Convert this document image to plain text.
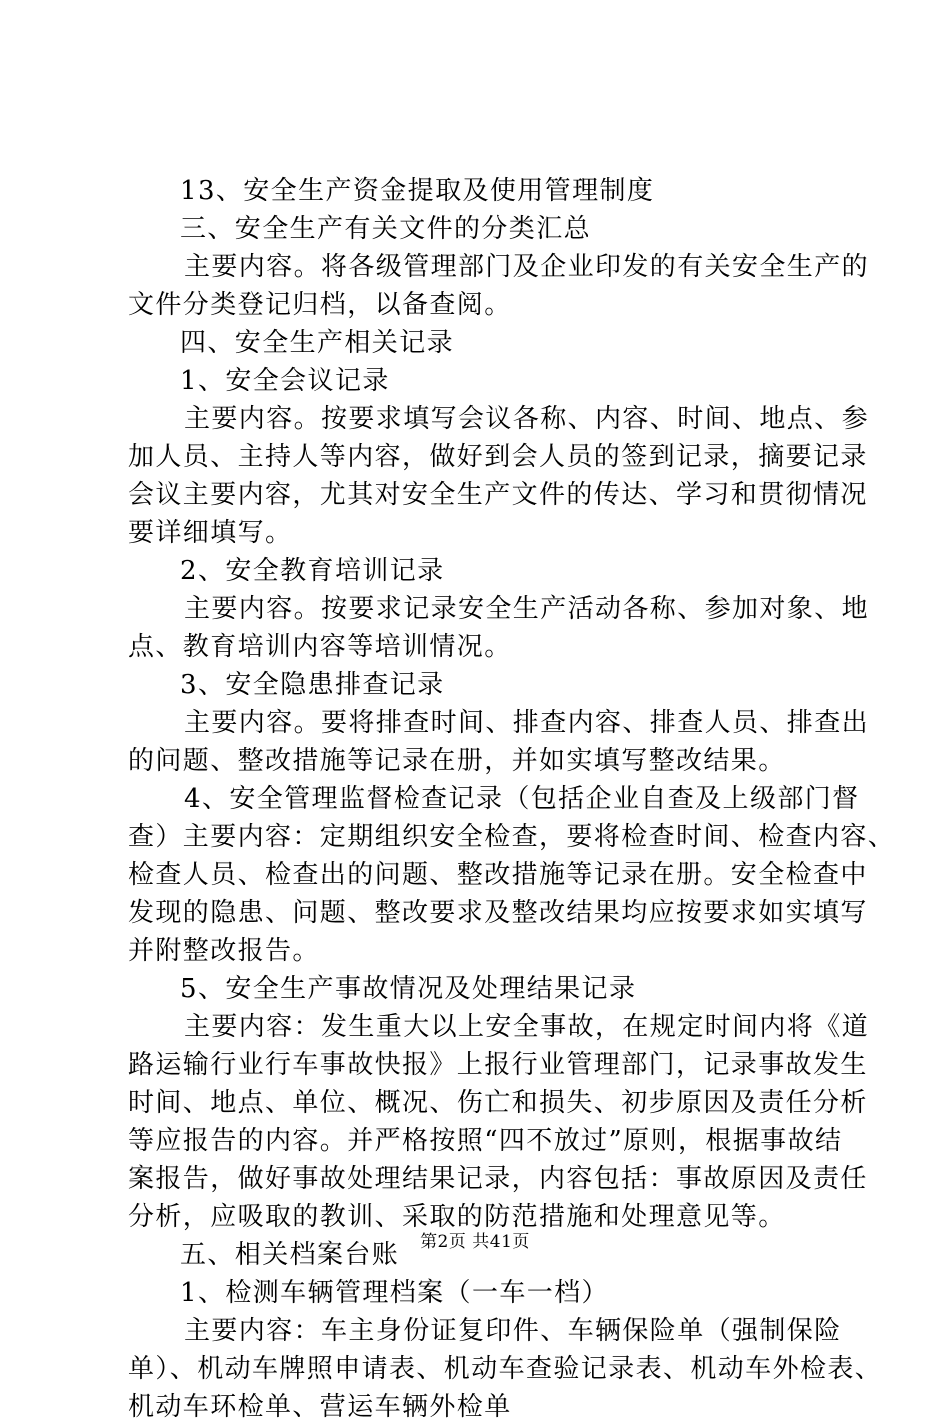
13、安全生产资金提取及使用管理制度
三、安全生产有关文件的分类汇总
主要内容。将各级管理部门及企业印发的有关安全生产的
文件分类登记归档，以备查阅。
四、安全生产相关记录
1、安全会议记录
主要内容。按要求填写会议各称、内容、时间、地点、参
加人员、主持人等内容，做好到会人员的签到记录，摘要记录
会议主要内容，尤其对安全生产文件的传达、学习和贯彻情况
要详细填写。
2、安全教育培训记录
主要内容。按要求记录安全生产活动各称、参加对象、地
点、教育培训内容等培训情况。
3、安全隐患排查记录
主要内容。要将排查时间、排查内容、排查人员、排查出
的问题、整改措施等记录在册，并如实填写整改结果。
4、安全管理监督检查记录（包括企业自查及上级部门督
查）主要内容：定期组织安全检查，要将检查时间、检查内容、
检查人员、检查出的问题、整改措施等记录在册。安全检查中
发现的隐患、问题、整改要求及整改结果均应按要求如实填写
并附整改报告。
5、安全生产事故情况及处理结果记录
主要内容：发生重大以上安全事故，在规定时间内将《道
路运输行业行车事故快报》上报行业管理部门，记录事故发生
时间、地点、单位、概况、伤亡和损失、初步原因及责任分析
等应报告的内容。并严格按照“四不放过”原则，根据事故结
案报告，做好事故处理结果记录，内容包括：事故原因及责任
分析，应吸取的教训、采取的防范措施和处理意见等。
五、相关档案台账
1、检测车辆管理档案（一车一档）
主要内容：车主身份证复印件、车辆保险单（强制保险
单）、机动车牌照申请表、机动车查验记录表、机动车外检表、
机动车环检单、营运车辆外检单
第2页 共41页
